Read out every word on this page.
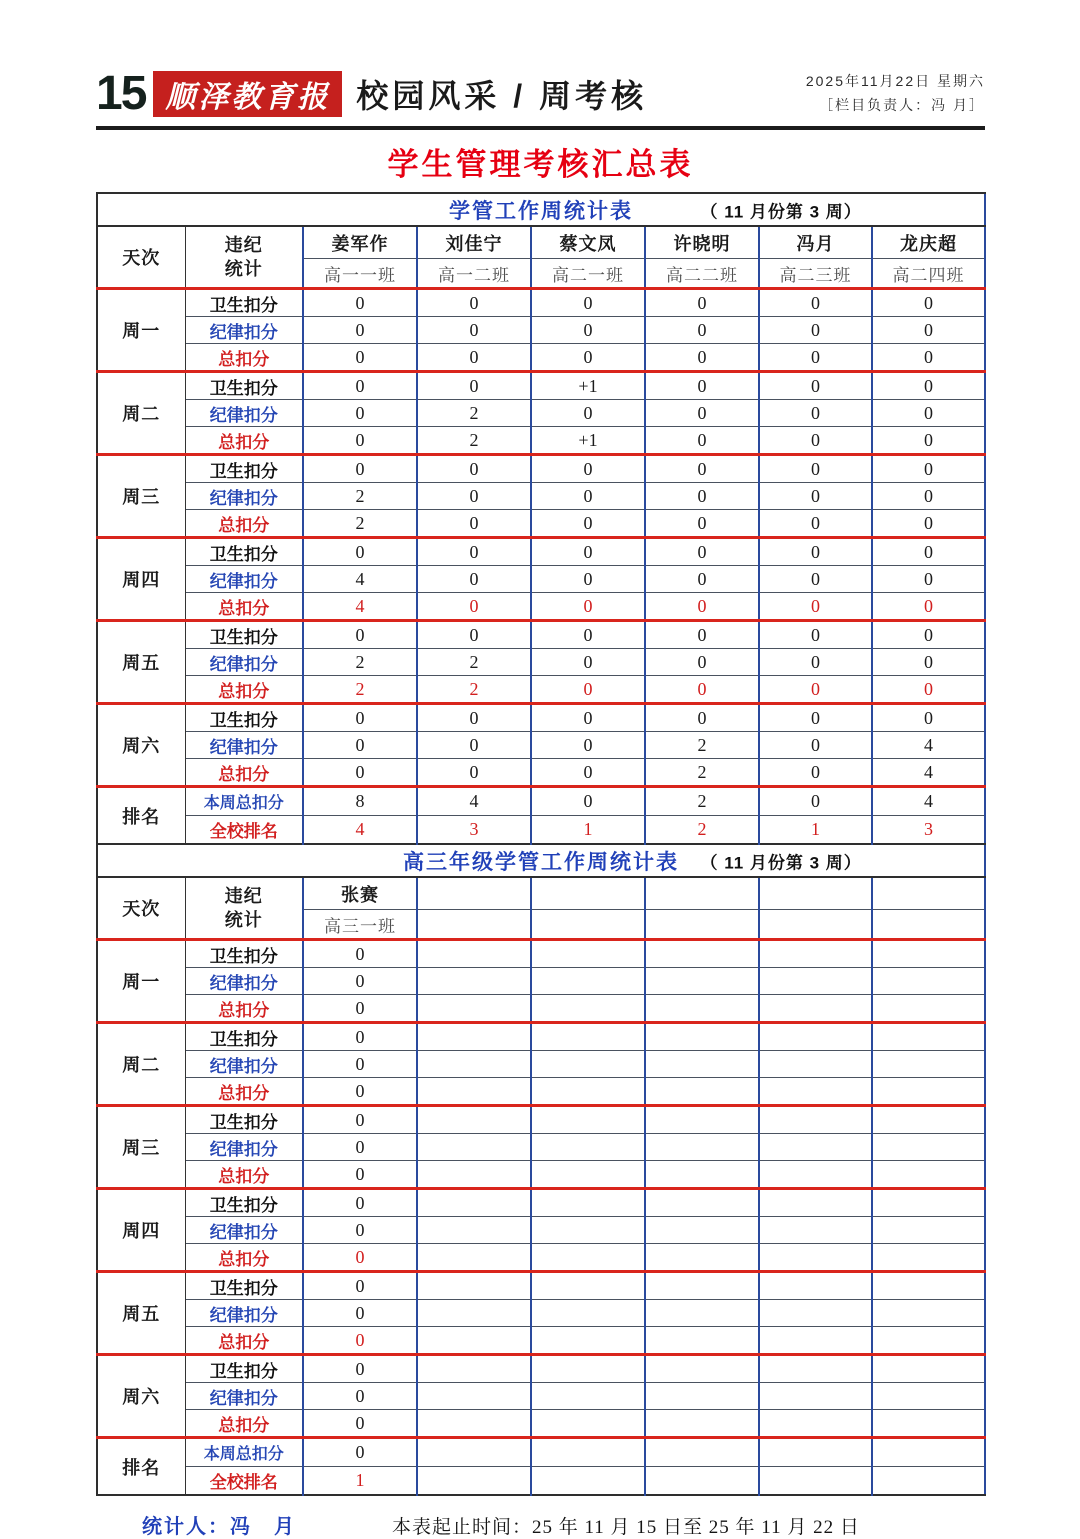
15 顺泽教育报 校园风采 / 周考核	2025年11月22日 星期六
［栏目负责人：冯 月］
学生管理考核汇总表
学管工作周统计表 （ 11 月份第 3 周）							

天次	违纪
统计	姜军作	刘佳宁	蔡文凤	许晓明	冯月	龙庆超
		高一一班	高一二班	高二一班	高二二班	高二三班	高二四班
周一	卫生扣分	0	0	0	0	0	0
	纪律扣分	0	0	0	0	0	0
	总扣分	0	0	0	0	0	0
周二	卫生扣分	0	0	+1	0	0	0
	纪律扣分	0	2	0	0	0	0
	总扣分	0	2	+1	0	0	0
周三	卫生扣分	0	0	0	0	0	0
	纪律扣分	2	0	0	0	0	0
	总扣分	2	0	0	0	0	0
周四	卫生扣分	0	0	0	0	0	0
	纪律扣分	4	0	0	0	0	0
	总扣分	4	0	0	0	0	0
周五	卫生扣分	0	0	0	0	0	0
	纪律扣分	2	2	0	0	0	0
	总扣分	2	2	0	0	0	0
周六	卫生扣分	0	0	0	0	0	0
	纪律扣分	0	0	0	2	0	4
	总扣分	0	0	0	2	0	4
排名	本周总扣分	8	4	0	2	0	4
	全校排名	4	3	1	2	1	3
高三年级学管工作周统计表 （ 11 月份第 3 周）							

天次	违纪
统计	张赛					
		高三一班					
周一	卫生扣分	0					
	纪律扣分	0					
	总扣分	0					
周二	卫生扣分	0					
	纪律扣分	0					
	总扣分	0					
周三	卫生扣分	0					
	纪律扣分	0					
	总扣分	0					
周四	卫生扣分	0					
	纪律扣分	0					
	总扣分	0					
周五	卫生扣分	0					
	纪律扣分	0					
	总扣分	0					
周六	卫生扣分	0					
	纪律扣分	0					
	总扣分	0					
排名	本周总扣分	0					
	全校排名	1					
统计人：冯　月	本表起止时间：25 年 11 月 15 日至 25 年 11 月 22 日
